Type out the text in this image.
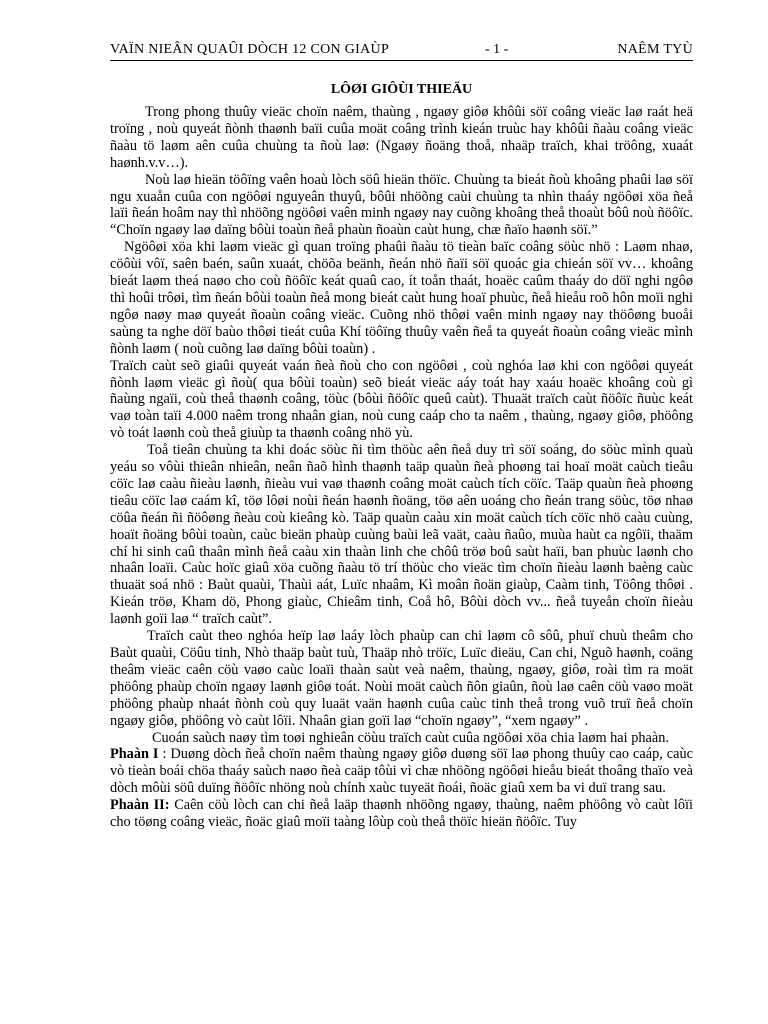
VAÏN NIEÂN QUAÛI DÒCH 12 CON GIAÙP	- 1 -	NAÊM TYÙ
LÔØI GIÔÙI THIEÄU

Trong phong thuûy vieäc choïn naêm, thaùng , ngaøy giôø khôûi söï coâng vieäc laø raát heä troïng , noù quyeát ñònh thaønh baïi cuûa moät coâng trình kieán truùc hay khôûi ñaàu coâng vieäc ñaàu tö laøm aên cuûa chuùng ta ñoù laø: (Ngaøy ñoäng thoå, nhaäp traïch, khai tröông, xuaát haønh.v.v…).

Noù laø hieän töôïng vaên hoaù lòch söû hieän thöïc. Chuùng ta bieát ñoù khoâng phaûi laø söï ngu xuaån cuûa con ngöôøi nguyeân thuyû, bôûi nhöõng caùi chuùng ta nhìn thaáy ngöôøi xöa ñeå laïi ñeán hoâm nay thì nhöõng ngöôøi vaên minh ngaøy nay cuõng khoâng theå thoaùt bôû noù ñöôïc. “Choïn ngaøy laø daïng bôùi toaùn ñeå phaùn ñoaùn caùt hung, chæ ñaïo haønh söï.”

Ngöôøi xöa khi laøm vieäc gì quan troïng phaûi ñaàu tö tieàn baïc coâng söùc nhö : Laøm nhaø, cöôùi vôï, saên baén, saûn xuaát, chöõa beänh, ñeán nhö ñaïi söï quoác gia chieán söï vv… khoâng bieát laøm theá naøo cho coù ñöôïc keát quaû cao, ít toån thaát, hoaëc caûm thaáy do döï nghi ngôø thì hoûi trôøi, tìm ñeán bôùi toaùn ñeå mong bieát caùt hung hoaï phuùc, ñeå hieåu roõ hôn moïi nghi ngôø naøy maø quyeát ñoaùn coâng vieäc. Cuõng nhö thôøi vaên minh ngaøy nay thöôøng buoåi saùng ta nghe döï baùo thôøi tieát cuûa Khí töôïng thuûy vaên ñeå ta quyeát ñoaùn coâng vieäc mình ñònh laøm ( noù cuõng laø daïng bôùi toaùn) .

Traïch caùt seõ giaûi quyeát vaán ñeà ñoù cho con ngöôøi , coù nghóa laø khi con ngöôøi quyeát ñònh laøm vieäc gì ñoù( qua bôùi toaùn) seõ bieát vieäc aáy toát hay xaáu hoaëc khoâng coù gì ñaùng ngaïi, coù theå thaønh coâng, töùc (bôùi ñöôïc queû caùt). Thuaät traïch caùt ñöôïc ñuùc keát vaø toàn taïi 4.000 naêm trong nhaân gian, noù cung caáp cho ta naêm , thaùng, ngaøy giôø, phöông vò toát laønh coù theå giuùp ta thaønh coâng nhö yù.

Toå tieân chuùng ta khi doác söùc ñi tìm thöùc aên ñeå duy trì söï soáng, do söùc mình quaù yeáu so vôùi thieân nhieân, neân ñaõ hình thaønh taäp quaùn ñeà phoøng tai hoaï moät caùch tieâu cöïc laø caàu ñieàu laønh, ñieàu vui vaø thaønh coâng moät caùch tích cöïc. Taäp quaùn ñeà phoøng tieâu cöïc laø caám kî, töø lôøi noùi ñeán haønh ñoäng, töø aên uoáng cho ñeán trang söùc, töø nhaø cöûa ñeán ñi ñöôøng ñeàu coù kieâng kò. Taäp quaùn caàu xin moät caùch tích cöïc nhö caàu cuùng, hoaït ñoäng bôùi toaùn, caùc bieän phaùp cuùng baùi leã vaät, caàu ñaûo, muùa haùt ca ngôïi, thaäm chí hi sinh caû thaân mình ñeå caàu xin thaàn linh che chôû tröø boû saùt haïi, ban phuùc laønh cho nhaân loaïi. Caùc hoïc giaû xöa cuõng ñaàu tö trí thöùc cho vieäc tìm choïn ñieàu laønh baèng caùc thuaät soá nhö : Baùt quaùi, Thaùi aát, Luïc nhaâm, Kì moân ñoän giaùp, Caàm tinh, Töông thôøi . Kieán tröø, Kham dö, Phong giaùc, Chieâm tinh, Coå hô, Bôùi dòch vv... ñeå tuyeån choïn ñieàu laønh goïi laø “ traïch caùt”.

Traïch caùt theo nghóa heïp laø laáy lòch phaùp can chi laøm cô sôû, phuï chuù theâm cho Baùt quaùi, Cöûu tinh, Nhò thaäp baùt tuù, Thaäp nhò tröïc, Luïc dieäu, Can chi, Nguõ haønh, coäng theâm vieäc caên cöù vaøo caùc loaïi thaàn saùt veà naêm, thaùng, ngaøy, giôø, roài tìm ra moät phöông phaùp choïn ngaøy laønh giôø toát. Noùi moät caùch ñôn giaûn, ñoù laø caên cöù vaøo moät phöông phaùp nhaát ñònh coù quy luaät vaän haønh cuûa caùc tinh theå trong vuõ truï ñeå choïn ngaøy giôø, phöông vò caùt lôïi. Nhaân gian goïi laø “choïn ngaøy”, “xem ngaøy” .

Cuoán saùch naøy tìm toøi nghieân cöùu traïch caùt cuûa ngöôøi xöa chia laøm hai phaàn.

Phaàn I : Duøng dòch ñeå choïn naêm thaùng ngaøy giôø duøng söï laø phong thuûy cao caáp, caùc vò tieàn boái chöa thaáy saùch naøo ñeà caäp tôùi vì chæ nhöõng ngöôøi hieåu bieát thoâng thaïo veà dòch môùi söû duïng ñöôïc nhöng noù chính xaùc tuyeät ñoái, ñoäc giaû xem ba vi duï trang sau.

Phaàn II: Caên cöù lòch can chi ñeå laäp thaønh nhöõng ngaøy, thaùng, naêm phöông vò caùt lôïi cho töøng coâng vieäc, ñoäc giaû moïi taàng lôùp coù theå thöïc hieän ñöôïc. Tuy
